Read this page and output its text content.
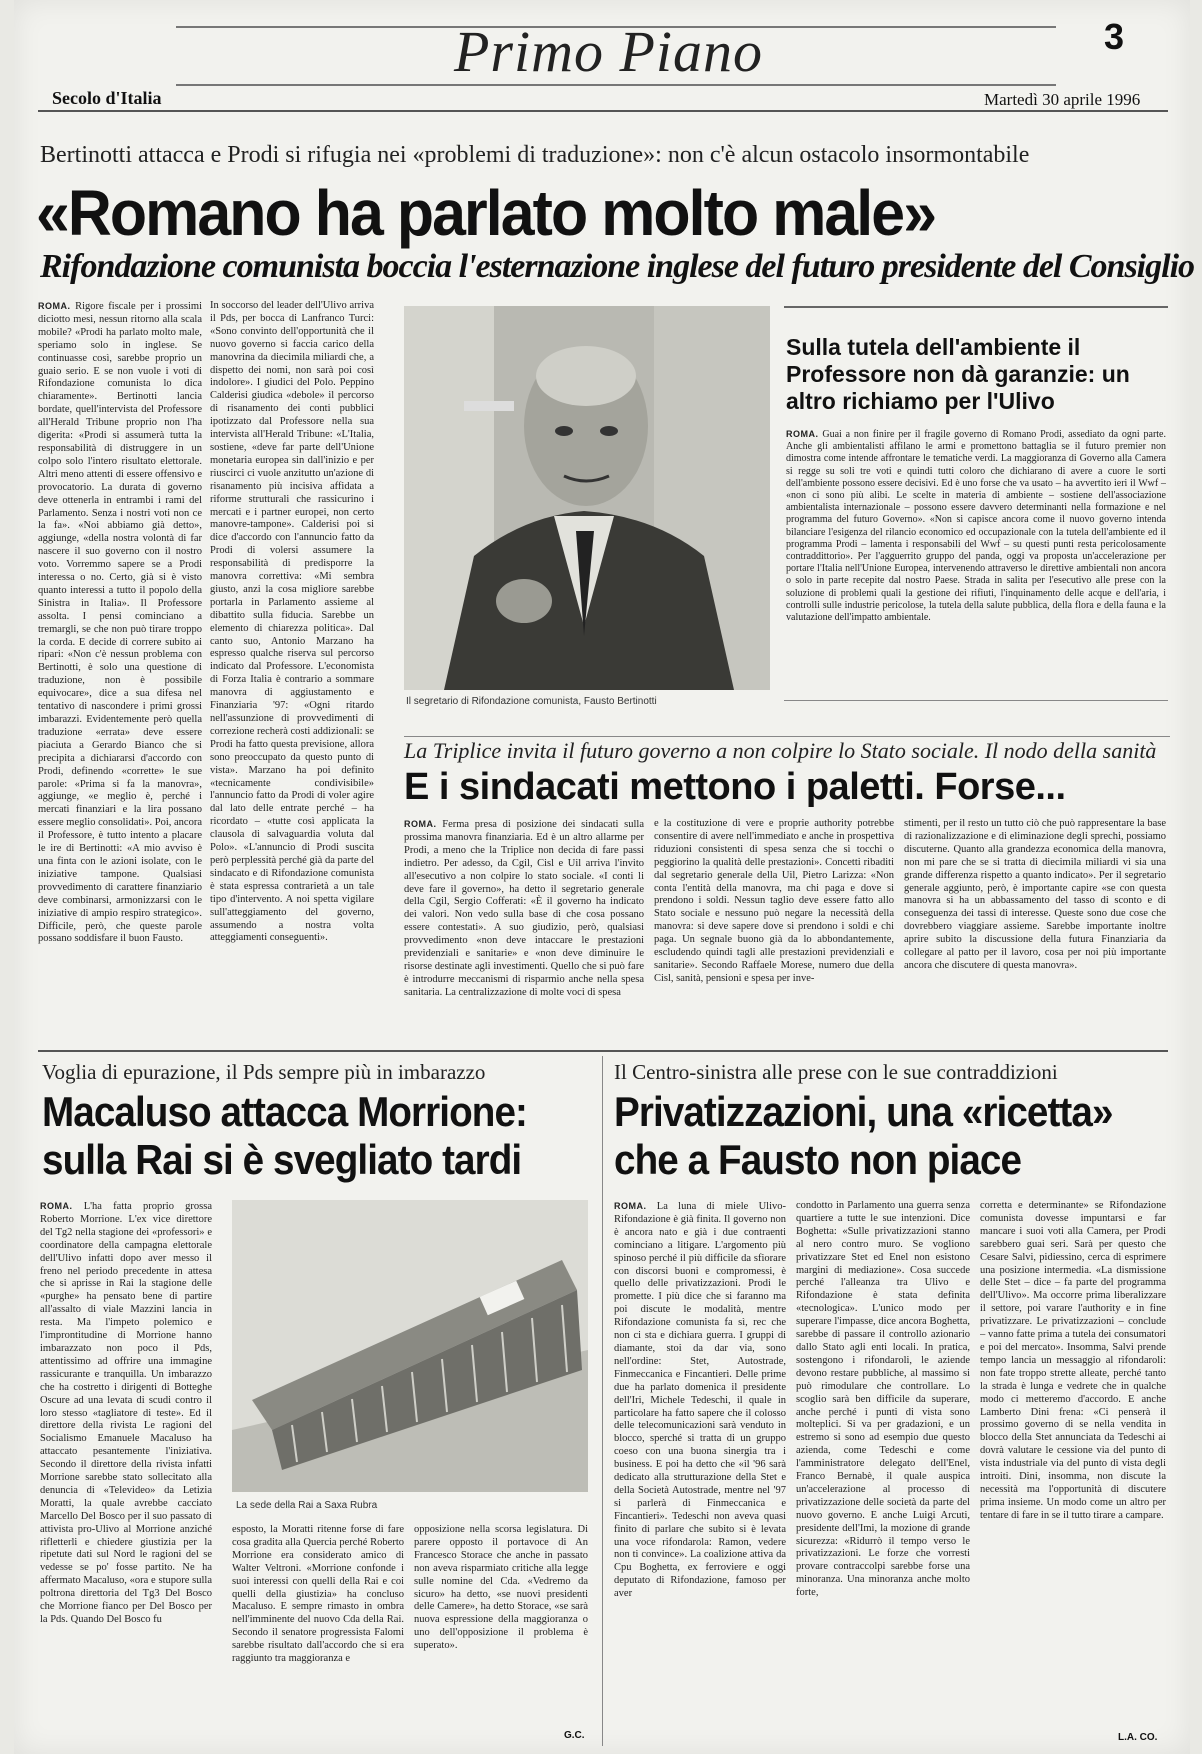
Primo Piano	3
Secolo d'Italia	Martedì 30 aprile 1996
Bertinotti attacca e Prodi si rifugia nei «problemi di traduzione»: non c'è alcun ostacolo insormontabile
«Romano ha parlato molto male»
Rifondazione comunista boccia l'esternazione inglese del futuro presidente del Consiglio
ROMA. Rigore fiscale per i prossimi diciotto mesi, nessun ritorno alla scala mobile? «Prodi ha parlato molto male, speriamo solo in inglese. Se continuasse così, sarebbe proprio un guaio serio. E se non vuole i voti di Rifondazione comunista lo dica chiaramente». Bertinotti lancia bordate, quell'intervista del Professore all'Herald Tribune proprio non l'ha digerita: «Prodi si assumerà tutta la responsabilità di distruggere in un colpo solo l'intero risultato elettorale. Altri meno attenti di essere offensivo e provocatorio. La durata di governo deve ottenerla in entrambi i rami del Parlamento. Senza i nostri voti non ce la fa». «Noi abbiamo già detto», aggiunge, «della nostra volontà di far nascere il suo governo con il nostro voto. Vorremmo sapere se a Prodi interessa o no. Certo, già si è visto quanto interessi a tutto il popolo della Sinistra in Italia». Il Professore assolta. I pensi cominciano a tremargli, se che non può tirare troppo la corda. E decide di correre subito ai ripari: «Non c'è nessun problema con Bertinotti, è solo una questione di traduzione, non è possibile equivocare», dice a sua difesa nel tentativo di nascondere i primi grossi imbarazzi. Evidentemente però quella traduzione «errata» deve essere piaciuta a Gerardo Bianco che si precipita a dichiararsi d'accordo con Prodi, definendo «corrette» le sue parole: «Prima si fa la manovra», aggiunge, «e meglio è, perché i mercati finanziari e la lira possano essere meglio consolidati». Poi, ancora il Professore, è tutto intento a placare le ire di Bertinotti: «A mio avviso è una finta con le azioni isolate, con le iniziative tampone. Qualsiasi provvedimento di carattere finanziario deve combinarsi, armonizzarsi con le iniziative di ampio respiro strategico». Difficile, però, che queste parole possano soddisfare il buon Fausto.
In soccorso del leader dell'Ulivo arriva il Pds, per bocca di Lanfranco Turci: «Sono convinto dell'opportunità che il nuovo governo si faccia carico della manovrina da diecimila miliardi che, a dispetto dei nomi, non sarà poi così indolore». I giudici del Polo. Peppino Calderisi giudica «debole» il percorso di risanamento dei conti pubblici ipotizzato dal Professore nella sua intervista all'Herald Tribune: «L'Italia, sostiene, «deve far parte dell'Unione monetaria europea sin dall'inizio e per riuscirci ci vuole anzitutto un'azione di risanamento più incisiva affidata a riforme strutturali che rassicurino i mercati e i partner europei, non certo manovre-tampone». Calderisi poi si dice d'accordo con l'annuncio fatto da Prodi di volersi assumere la responsabilità di predisporre la manovra correttiva: «Mi sembra giusto, anzi la cosa migliore sarebbe portarla in Parlamento assieme al dibattito sulla fiducia. Sarebbe un elemento di chiarezza politica». Dal canto suo, Antonio Marzano ha espresso qualche riserva sul percorso indicato dal Professore. L'economista di Forza Italia è contrario a sommare manovra di aggiustamento e Finanziaria '97: «Ogni ritardo nell'assunzione di provvedimenti di correzione recherà costi addizionali: se Prodi ha fatto questa previsione, allora sono preoccupato da questo punto di vista». Marzano ha poi definito «tecnicamente condivisibile» l'annuncio fatto da Prodi di voler agire dal lato delle entrate perché – ha ricordato – «tutte così applicata la clausola di salvaguardia voluta dal Polo». «L'annuncio di Prodi suscita però perplessità perché già da parte del sindacato e di Rifondazione comunista è stata espressa contrarietà a un tale tipo d'intervento. A noi spetta vigilare sull'atteggiamento del governo, assumendo a nostra volta atteggiamenti conseguenti».
Il segretario di Rifondazione comunista, Fausto Bertinotti
Sulla tutela dell'ambiente il Professore non dà garanzie: un altro richiamo per l'Ulivo
ROMA. Guai a non finire per il fragile governo di Romano Prodi, assediato da ogni parte. Anche gli ambientalisti affilano le armi e promettono battaglia se il futuro premier non dimostra come intende affrontare le tematiche verdi. La maggioranza di Governo alla Camera si regge su soli tre voti e quindi tutti coloro che dichiarano di avere a cuore le sorti dell'ambiente possono essere decisivi. Ed è uno forse che va usato – ha avvertito ieri il Wwf – «non ci sono più alibi. Le scelte in materia di ambiente – sostiene dell'associazione ambientalista internazionale – possono essere davvero determinanti nella formazione e nel programma del futuro Governo». «Non si capisce ancora come il nuovo governo intenda bilanciare l'esigenza del rilancio economico ed occupazionale con la tutela dell'ambiente ed il programma Prodi – lamenta i responsabili del Wwf – su questi punti resta pericolosamente contraddittorio». Per l'agguerrito gruppo del panda, oggi va proposta un'accelerazione per portare l'Italia nell'Unione Europea, intervenendo attraverso le direttive ambientali non ancora o solo in parte recepite dal nostro Paese. Strada in salita per l'esecutivo alle prese con la soluzione di problemi quali la gestione dei rifiuti, l'inquinamento delle acque e dell'aria, i controlli sulle industrie pericolose, la tutela della salute pubblica, della flora e della fauna e la valutazione dell'impatto ambientale.
La Triplice invita il futuro governo a non colpire lo Stato sociale. Il nodo della sanità
E i sindacati mettono i paletti. Forse...
ROMA. Ferma presa di posizione dei sindacati sulla prossima manovra finanziaria. Ed è un altro allarme per Prodi, a meno che la Triplice non decida di fare passi indietro. Per adesso, da Cgil, Cisl e Uil arriva l'invito all'esecutivo a non colpire lo stato sociale. «I conti li deve fare il governo», ha detto il segretario generale della Cgil, Sergio Cofferati: «È il governo ha indicato dei valori. Non vedo sulla base di che cosa possano essere contestati». A suo giudizio, però, qualsiasi provvedimento «non deve intaccare le prestazioni previdenziali e sanitarie» e «non deve diminuire le risorse destinate agli investimenti. Quello che si può fare è introdurre meccanismi di risparmio anche nella spesa sanitaria. La centralizzazione di molte voci di spesa
e la costituzione di vere e proprie authority potrebbe consentire di avere nell'immediato e anche in prospettiva riduzioni consistenti di spesa senza che si tocchi o peggiorino la qualità delle prestazioni». Concetti ribaditi dal segretario generale della Uil, Pietro Larizza: «Non conta l'entità della manovra, ma chi paga e dove si prendono i soldi. Nessun taglio deve essere fatto allo Stato sociale e nessuno può negare la necessità della manovra: si deve sapere dove si prendono i soldi e chi paga. Un segnale buono già da lo abbondantemente, escludendo quindi tagli alle prestazioni previdenziali e sanitarie». Secondo Raffaele Morese, numero due della Cisl, sanità, pensioni e spesa per inve-
stimenti, per il resto un tutto ciò che può rappresentare la base di razionalizzazione e di eliminazione degli sprechi, possiamo discuterne. Quanto alla grandezza economica della manovra, non mi pare che se si tratta di diecimila miliardi vi sia una grande differenza rispetto a quanto indicato». Per il segretario generale aggiunto, però, è importante capire «se con questa manovra si ha un abbassamento del tasso di sconto e di conseguenza dei tassi di interesse. Queste sono due cose che dovrebbero viaggiare assieme. Sarebbe importante inoltre aprire subito la discussione della futura Finanziaria da collegare al patto per il lavoro, cosa per noi più importante ancora che discutere di questa manovra».
Voglia di epurazione, il Pds sempre più in imbarazzo
Macaluso attacca Morrione:
sulla Rai si è svegliato tardi
ROMA. L'ha fatta proprio grossa Roberto Morrione. L'ex vice direttore del Tg2 nella stagione dei «professori» e coordinatore della campagna elettorale dell'Ulivo infatti dopo aver messo il freno nel periodo precedente in attesa che si aprisse in Rai la stagione delle «purghe» ha pensato bene di partire all'assalto di viale Mazzini lancia in resta. Ma l'impeto polemico e l'improntitudine di Morrione hanno imbarazzato non poco il Pds, attentissimo ad offrire una immagine rassicurante e tranquilla. Un imbarazzo che ha costretto i dirigenti di Botteghe Oscure ad una levata di scudi contro il loro stesso «tagliatore di teste». Ed il direttore della rivista Le ragioni del Socialismo Emanuele Macaluso ha attaccato pesantemente l'iniziativa. Secondo il direttore della rivista infatti Morrione sarebbe stato sollecitato alla denuncia di «Televideo» da Letizia Moratti, la quale avrebbe cacciato Marcello Del Bosco per il suo passato di attivista pro-Ulivo al Morrione anziché rifletterli e chiedere giustizia per la ripetute dati sul Nord le ragioni del se vedesse se po' fosse partito. Ne ha affermato Macaluso, «ora e stupore sulla poltrona direttoria del Tg3 Del Bosco che Morrione fianco per Del Bosco per la Pds. Quando Del Bosco fu
La sede della Rai a Saxa Rubra
esposto, la Moratti ritenne forse di fare cosa gradita alla Quercia perché Roberto Morrione era considerato amico di Walter Veltroni. «Morrione confonde i suoi interessi con quelli della Rai e coi quelli della giustizia» ha concluso Macaluso. E sempre rimasto in ombra nell'imminente del nuovo Cda della Rai. Secondo il senatore progressista Falomi sarebbe risultato dall'accordo che si era raggiunto tra maggioranza e
opposizione nella scorsa legislatura. Di parere opposto il portavoce di An Francesco Storace che anche in passato non aveva risparmiato critiche alla legge sulle nomine del Cda. «Vedremo da sicuro» ha detto, «se nuovi presidenti delle Camere», ha detto Storace, «se sarà nuova espressione della maggioranza o uno dell'opposizione il problema è superato».
G.C.
Il Centro-sinistra alle prese con le sue contraddizioni
Privatizzazioni, una «ricetta»
che a Fausto non piace
ROMA. La luna di miele Ulivo-Rifondazione è già finita. Il governo non è ancora nato e già i due contraenti cominciano a litigare. L'argomento più spinoso perché il più difficile da sfiorare con discorsi buoni e compromessi, è quello delle privatizzazioni. Prodi le promette. I più dice che si faranno ma poi discute le modalità, mentre Rifondazione comunista fa sì, rec che non ci sta e dichiara guerra. I gruppi di diamante, stoi da dar via, sono nell'ordine: Stet, Autostrade, Finmeccanica e Fincantieri. Delle prime due ha parlato domenica il presidente dell'Iri, Michele Tedeschi, il quale in particolare ha fatto sapere che il colosso delle telecomunicazioni sarà venduto in blocco, sperché si tratta di un gruppo coeso con una buona sinergia tra i business. E poi ha detto che «il '96 sarà dedicato alla strutturazione della Stet e della Società Autostrade, mentre nel '97 si parlerà di Finmeccanica e Fincantieri». Tedeschi non aveva quasi finito di parlare che subito si è levata una voce rifondarola: Ramon, vedere non ti convince». La coalizione attiva da Cpu Boghetta, ex ferroviere e oggi deputato di Rifondazione, famoso per aver
condotto in Parlamento una guerra senza quartiere a tutte le sue intenzioni. Dice Boghetta: «Sulle privatizzazioni stanno al nero contro muro. Se vogliono privatizzare Stet ed Enel non esistono margini di mediazione». Cosa succede perché l'alleanza tra Ulivo e Rifondazione è stata definita «tecnologica». L'unico modo per superare l'impasse, dice ancora Boghetta, sarebbe di passare il controllo azionario dallo Stato agli enti locali. In pratica, sostengono i rifondaroli, le aziende devono restare pubbliche, al massimo si può rimodulare che controllare. Lo scoglio sarà ben difficile da superare, anche perché i punti di vista sono molteplici. Si va per gradazioni, e un estremo si sono ad esempio due questo azienda, come Tedeschi e come l'amministratore delegato dell'Enel, Franco Bernabè, il quale auspica un'accelerazione al processo di privatizzazione delle società da parte del nuovo governo. E anche Luigi Arcuti, presidente dell'Imi, la mozione di grande sicurezza: «Ridurrò il tempo verso le privatizzazioni. Le forze che vorresti provare contraccolpi sarebbe forse una minoranza. Una minoranza anche molto forte,
corretta e determinante» se Rifondazione comunista dovesse impuntarsi e far mancare i suoi voti alla Camera, per Prodi sarebbero guai seri. Sarà per questo che Cesare Salvi, pidiessino, cerca di esprimere una posizione intermedia. «La dismissione delle Stet – dice – fa parte del programma dell'Ulivo». Ma occorre prima liberalizzare il settore, poi varare l'authority e in fine privatizzare. Le privatizzazioni – conclude – vanno fatte prima a tutela dei consumatori e poi del mercato». Insomma, Salvi prende tempo lancia un messaggio al rifondaroli: non fate troppo strette alleate, perché tanto la strada è lunga e vedrete che in qualche modo ci metteremo d'accordo. E anche Lamberto Dini frena: «Ci penserà il prossimo governo di se nella vendita in blocco della Stet annunciata da Tedeschi ai dovrà valutare le cessione via del punto di vista industriale via del punto di vista degli introiti. Dini, insomma, non discute la necessità ma l'opportunità di discutere prima insieme. Un modo come un altro per tentare di fare in se il tutto tirare a campare.
L.A. CO.
